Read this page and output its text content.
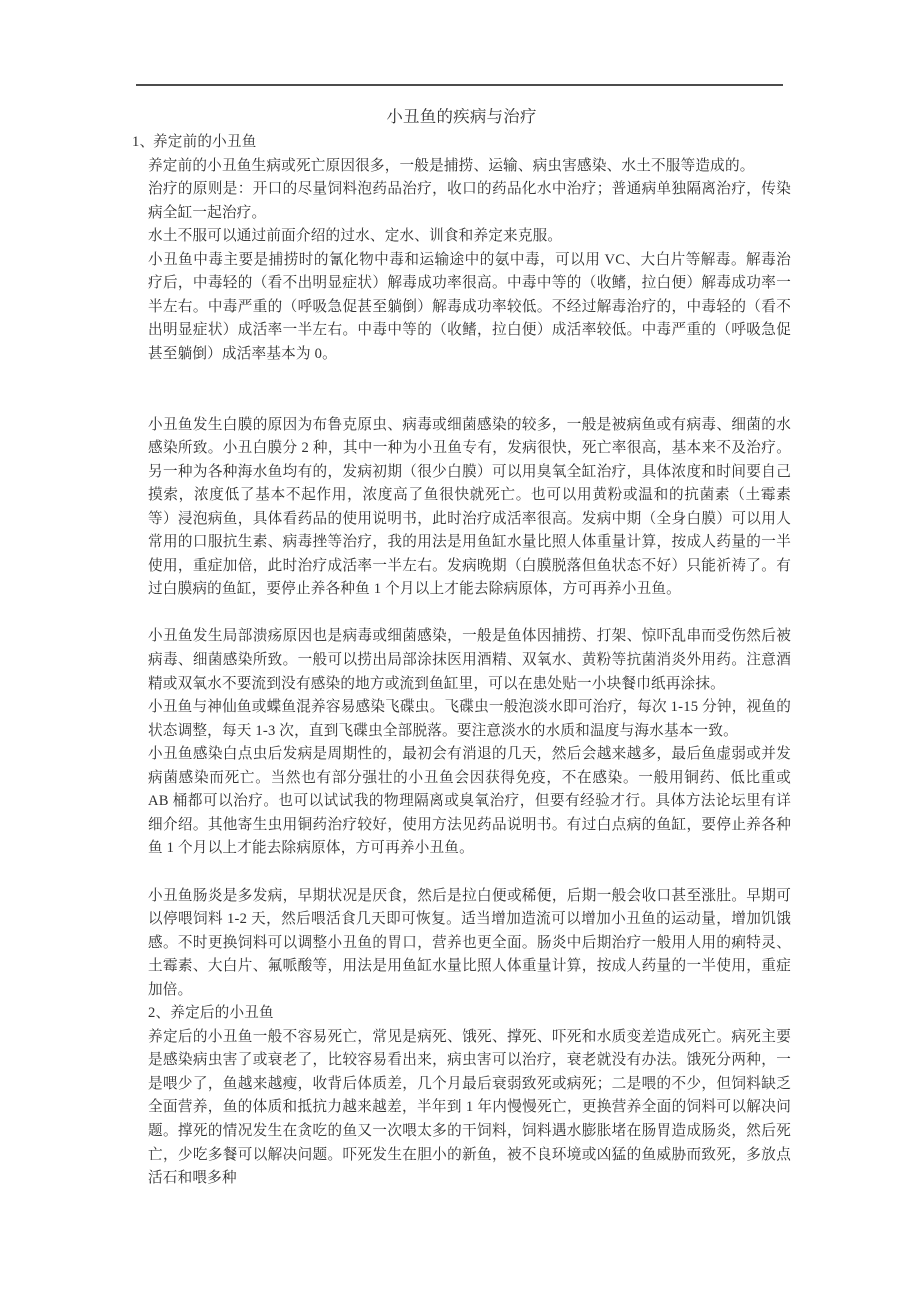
小丑鱼的疾病与治疗

1、养定前的小丑鱼

养定前的小丑鱼生病或死亡原因很多，一般是捕捞、运输、病虫害感染、水土不服等造成的。

治疗的原则是：开口的尽量饲料泡药品治疗，收口的药品化水中治疗；普通病单独隔离治疗，传染病全缸一起治疗。

水土不服可以通过前面介绍的过水、定水、训食和养定来克服。

小丑鱼中毒主要是捕捞时的氰化物中毒和运输途中的氨中毒，可以用 VC、大白片等解毒。解毒治疗后，中毒轻的（看不出明显症状）解毒成功率很高。中毒中等的（收鳍，拉白便）解毒成功率一半左右。中毒严重的（呼吸急促甚至躺倒）解毒成功率较低。不经过解毒治疗的，中毒轻的（看不出明显症状）成活率一半左右。中毒中等的（收鳍，拉白便）成活率较低。中毒严重的（呼吸急促甚至躺倒）成活率基本为 0。

小丑鱼发生白膜的原因为布鲁克原虫、病毒或细菌感染的较多，一般是被病鱼或有病毒、细菌的水感染所致。小丑白膜分 2 种，其中一种为小丑鱼专有，发病很快，死亡率很高，基本来不及治疗。另一种为各种海水鱼均有的，发病初期（很少白膜）可以用臭氧全缸治疗，具体浓度和时间要自己摸索，浓度低了基本不起作用，浓度高了鱼很快就死亡。也可以用黄粉或温和的抗菌素（土霉素等）浸泡病鱼，具体看药品的使用说明书，此时治疗成活率很高。发病中期（全身白膜）可以用人常用的口服抗生素、病毒挫等治疗，我的用法是用鱼缸水量比照人体重量计算，按成人药量的一半使用，重症加倍，此时治疗成活率一半左右。发病晚期（白膜脱落但鱼状态不好）只能祈祷了。有过白膜病的鱼缸，要停止养各种鱼 1 个月以上才能去除病原体，方可再养小丑鱼。

小丑鱼发生局部溃疡原因也是病毒或细菌感染，一般是鱼体因捕捞、打架、惊吓乱串而受伤然后被病毒、细菌感染所致。一般可以捞出局部涂抹医用酒精、双氧水、黄粉等抗菌消炎外用药。注意酒精或双氧水不要流到没有感染的地方或流到鱼缸里，可以在患处贴一小块餐巾纸再涂抹。

小丑鱼与神仙鱼或蝶鱼混养容易感染飞碟虫。飞碟虫一般泡淡水即可治疗，每次 1-15 分钟，视鱼的状态调整，每天 1-3 次，直到飞碟虫全部脱落。要注意淡水的水质和温度与海水基本一致。

小丑鱼感染白点虫后发病是周期性的，最初会有消退的几天，然后会越来越多，最后鱼虚弱或并发病菌感染而死亡。当然也有部分强壮的小丑鱼会因获得免疫，不在感染。一般用铜药、低比重或 AB 桶都可以治疗。也可以试试我的物理隔离或臭氧治疗，但要有经验才行。具体方法论坛里有详细介绍。其他寄生虫用铜药治疗较好，使用方法见药品说明书。有过白点病的鱼缸，要停止养各种鱼 1 个月以上才能去除病原体，方可再养小丑鱼。

小丑鱼肠炎是多发病，早期状况是厌食，然后是拉白便或稀便，后期一般会收口甚至涨肚。早期可以停喂饲料 1-2 天，然后喂活食几天即可恢复。适当增加造流可以增加小丑鱼的运动量，增加饥饿感。不时更换饲料可以调整小丑鱼的胃口，营养也更全面。肠炎中后期治疗一般用人用的痢特灵、土霉素、大白片、氟哌酸等，用法是用鱼缸水量比照人体重量计算，按成人药量的一半使用，重症加倍。

2、养定后的小丑鱼

养定后的小丑鱼一般不容易死亡，常见是病死、饿死、撑死、吓死和水质变差造成死亡。病死主要是感染病虫害了或衰老了，比较容易看出来，病虫害可以治疗，衰老就没有办法。饿死分两种，一是喂少了，鱼越来越瘦，收背后体质差，几个月最后衰弱致死或病死；二是喂的不少，但饲料缺乏全面营养，鱼的体质和抵抗力越来越差，半年到 1 年内慢慢死亡，更换营养全面的饲料可以解决问题。撑死的情况发生在贪吃的鱼又一次喂太多的干饲料，饲料遇水膨胀堵在肠胃造成肠炎，然后死亡，少吃多餐可以解决问题。吓死发生在胆小的新鱼，被不良环境或凶猛的鱼威胁而致死，多放点活石和喂多种
